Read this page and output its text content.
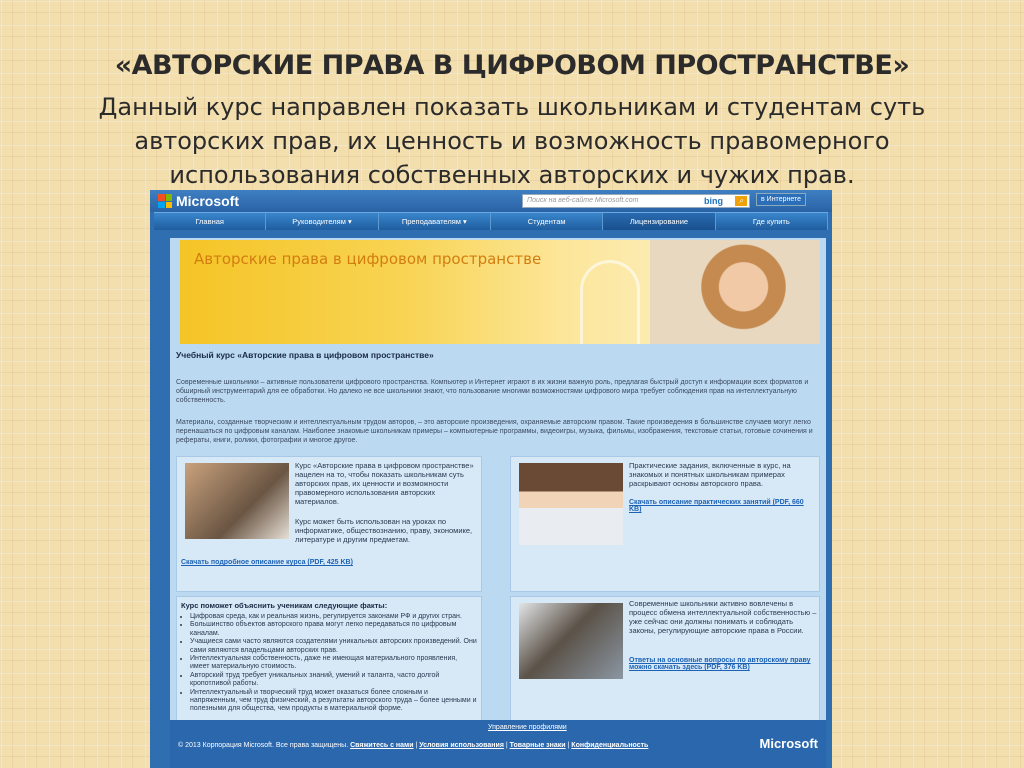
«АВТОРСКИЕ ПРАВА В ЦИФРОВОМ ПРОСТРАНСТВЕ»
Данный курс направлен показать школьникам и студентам суть авторских прав, их ценность и возможность правомерного использования собственных авторских и чужих прав.
Microsoft	Поиск на веб-сайте Microsoft.com	bing	⌕	в Интернете
Главная	Руководителям ▾	Преподавателям ▾	Студентам	Лицензирование	Где купить
Авторские права в цифровом пространстве
Учебный курс «Авторские права в цифровом пространстве»
Современные школьники – активные пользователи цифрового пространства. Компьютер и Интернет играют в их жизни важную роль, предлагая быстрый доступ к информации всех форматов и обширный инструментарий для ее обработки. Но далеко не все школьники знают, что пользование многими возможностями цифрового мира требует соблюдения прав на интеллектуальную собственность.
Материалы, созданные творческим и интеллектуальным трудом авторов, – это авторские произведения, охраняемые авторским правом. Такие произведения в большинстве случаев могут легко перенашаться по цифровым каналам. Наиболее знакомые школьникам примеры – компьютерные программы, видеоигры, музыка, фильмы, изображения, текстовые статьи, готовые сочинения и рефераты, книги, ролики, фотографии и многое другое.
Курс «Авторские права в цифровом пространстве» нацелен на то, чтобы показать школьникам суть авторских прав, их ценности и возможности правомерного использования авторских материалов.
Курс может быть использован на уроках по информатике, обществознанию, праву, экономике, литературе и другим предметам.
Скачать подробное описание курса (PDF, 425 KB)
Практические задания, включенные в курс, на знакомых и понятных школьникам примерах раскрывают основы авторского права.
Скачать описание практических занятий (PDF, 660 KB)
Курс поможет объяснить ученикам следующие факты:
• Цифровая среда, как и реальная жизнь, регулируется законами РФ и других стран.
• Большинство объектов авторского права могут легко передаваться по цифровым каналам.
• Учащиеся сами часто являются создателями уникальных авторских произведений. Они сами являются владельцами авторских прав.
• Интеллектуальная собственность, даже не имеющая материального проявления, имеет материальную стоимость.
• Авторский труд требует уникальных знаний, умений и таланта, часто долгой кропотливой работы.
• Интеллектуальный и творческий труд может оказаться более сложным и напряженным, чем труд физический, а результаты авторского труда – более ценными и полезными для общества, чем продукты в материальной форме.
Современные школьники активно вовлечены в процесс обмена интеллектуальной собственностью – уже сейчас они должны понимать и соблюдать законы, регулирующие авторские права в России.
Ответы на основные вопросы по авторскому праву можно скачать здесь (PDF, 376 KB)
Управление профилями
© 2013 Корпорация Microsoft. Все права защищены. Свяжитесь с нами | Условия использования | Товарные знаки | Конфиденциальность	Microsoft
